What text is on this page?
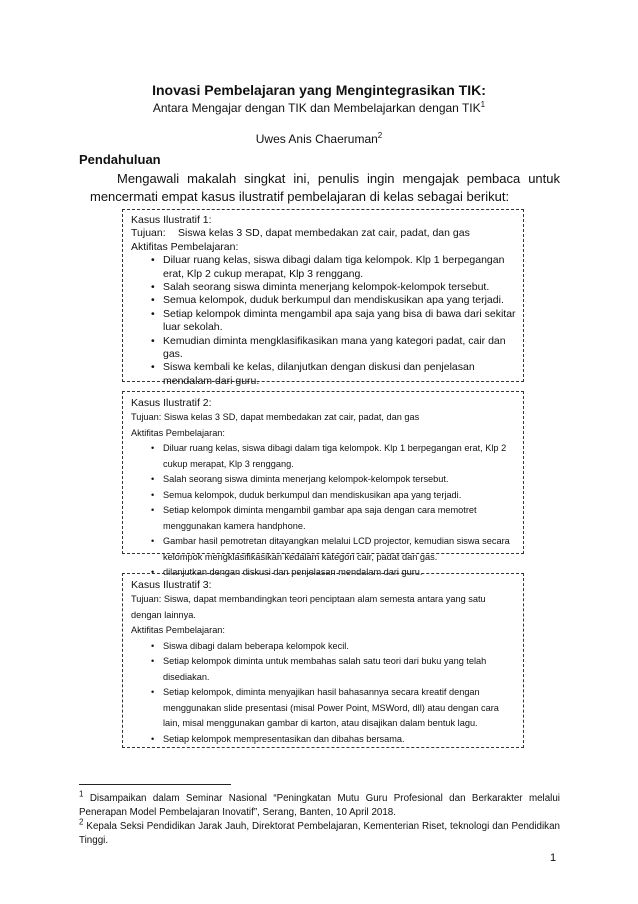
Inovasi Pembelajaran yang Mengintegrasikan TIK:
Antara Mengajar dengan TIK dan Membelajarkan dengan TIK$^1$
Uwes Anis Chaeruman$^2$
Pendahuluan
Mengawali makalah singkat ini, penulis ingin mengajak pembaca untuk
mencermati empat kasus ilustratif pembelajaran di kelas sebagai berikut:
Kasus Ilustratif 1:
Tujuan: Siswa kelas 3 SD, dapat membedakan zat cair, padat, dan gas
Aktifitas Pembelajaran:
• Diluar ruang kelas, siswa dibagi dalam tiga kelompok. Klp 1 berpegangan erat, Klp 2 cukup merapat, Klp 3 renggang.
• Salah seorang siswa diminta menerjang kelompok-kelompok tersebut.
• Semua kelompok, duduk berkumpul dan mendiskusikan apa yang terjadi.
• Setiap kelompok diminta mengambil apa saja yang bisa di bawa dari sekitar luar sekolah.
• Kemudian diminta mengklasifikasikan mana yang kategori padat, cair dan gas.
• Siswa kembali ke kelas, dilanjutkan dengan diskusi dan penjelasan mendalam dari guru.
Kasus Ilustratif 2:
Tujuan: Siswa kelas 3 SD, dapat membedakan zat cair, padat, dan gas
Aktifitas Pembelajaran:
• Diluar ruang kelas, siswa dibagi dalam tiga kelompok. Klp 1 berpegangan erat, Klp 2 cukup merapat, Klp 3 renggang.
• Salah seorang siswa diminta menerjang kelompok-kelompok tersebut.
• Semua kelompok, duduk berkumpul dan mendiskusikan apa yang terjadi.
• Setiap kelompok diminta mengambil gambar apa saja dengan cara memotret menggunakan kamera handphone.
• Gambar hasil pemotretan ditayangkan melalui LCD projector, kemudian siswa secara kelompok mengklasifikasikan kedalam kategori cair, padat dan gas.
• dilanjutkan dengan diskusi dan penjelasan mendalam dari guru.
Kasus Ilustratif 3:
Tujuan: Siswa, dapat membandingkan teori penciptaan alam semesta antara yang satu dengan lainnya.
Aktifitas Pembelajaran:
• Siswa dibagi dalam beberapa kelompok kecil.
• Setiap kelompok diminta untuk membahas salah satu teori dari buku yang telah disediakan.
• Setiap kelompok, diminta menyajikan hasil bahasannya secara kreatif dengan menggunakan slide presentasi (misal Power Point, MSWord, dll) atau dengan cara lain, misal menggunakan gambar di karton, atau disajikan dalam bentuk lagu.
• Setiap kelompok mempresentasikan dan dibahas bersama.

$^1$ Disampaikan dalam Seminar Nasional “Peningkatan Mutu Guru Profesional dan Berkarakter melalui Penerapan Model Pembelajaran Inovatif”, Serang, Banten, 10 April 2018.

$^2$ Kepala Seksi Pendidikan Jarak Jauh, Direktorat Pembelajaran, Kementerian Riset, teknologi dan Pendidikan Tinggi.

1
